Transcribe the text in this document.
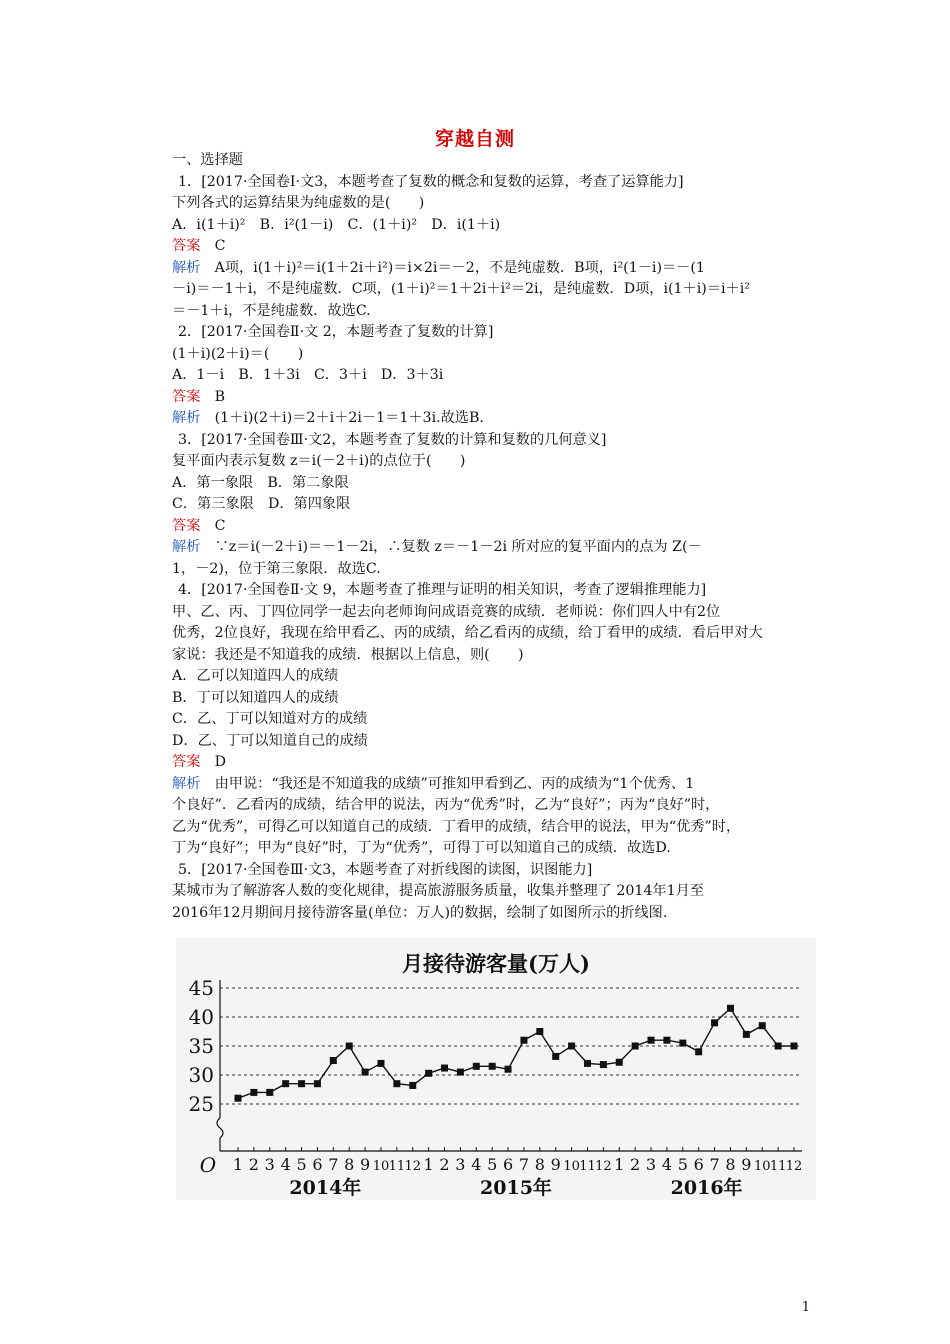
穿越自测
一、选择题
1．[2017·全国卷Ⅰ·文3，本题考查了复数的概念和复数的运算，考查了运算能力]
下列各式的运算结果为纯虚数的是(　　)
A．i(1＋i)²　B．i²(1－i)　C．(1＋i)²　D．i(1＋i)
答案　 C
解析　 A项，i(1＋i)²＝i(1＋2i＋i²)＝i×2i＝－2，不是纯虚数．B项，i²(1－i)＝－(1
－i)＝－1＋i，不是纯虚数．C项，(1＋i)²＝1＋2i＋i²＝2i，是纯虚数．D项，i(1＋i)＝i＋i²
＝－1＋i，不是纯虚数．故选C.
2．[2017·全国卷Ⅱ·文 2，本题考查了复数的计算]
(1＋i)(2＋i)＝(　　)
A．1－i　B．1＋3i　C．3＋i　D．3＋3i
答案　 B
解析　 (1＋i)(2＋i)＝2＋i＋2i－1＝1＋3i.故选B.
3．[2017·全国卷Ⅲ·文2，本题考查了复数的计算和复数的几何意义]
复平面内表示复数 z＝i(－2＋i)的点位于(　　)
A．第一象限　B．第二象限
C．第三象限　D．第四象限
答案　 C
解析　 ∵z＝i(－2＋i)＝－1－2i，∴复数 z＝－1－2i 所对应的复平面内的点为 Z(－
1，－2)，位于第三象限．故选C.
4．[2017·全国卷Ⅱ·文 9，本题考查了推理与证明的相关知识，考查了逻辑推理能力]
甲、乙、丙、丁四位同学一起去向老师询问成语竞赛的成绩．老师说：你们四人中有2位
优秀，2位良好，我现在给甲看乙、丙的成绩，给乙看丙的成绩，给丁看甲的成绩．看后甲对大
家说：我还是不知道我的成绩．根据以上信息，则(　　)
A．乙可以知道四人的成绩
B．丁可以知道四人的成绩
C．乙、丁可以知道对方的成绩
D．乙、丁可以知道自己的成绩
答案　 D
解析　 由甲说：“我还是不知道我的成绩”可推知甲看到乙、丙的成绩为“1个优秀、1
个良好”．乙看丙的成绩，结合甲的说法，丙为“优秀”时，乙为“良好”；丙为“良好”时，
乙为“优秀”，可得乙可以知道自己的成绩．丁看甲的成绩，结合甲的说法，甲为“优秀”时，
丁为“良好”；甲为“良好”时，丁为“优秀”，可得丁可以知道自己的成绩．故选D.
5．[2017·全国卷Ⅲ·文3，本题考查了对折线图的读图，识图能力]
某城市为了解游客人数的变化规律，提高旅游服务质量，收集并整理了 2014年1月至
2016年12月期间月接待游客量(单位：万人)的数据，绘制了如图所示的折线图.
月接待游客量(万人)
25
30
35
40
45
O 1 2 3 4 5 6 7 8 9 10 11 12 1 2 3 4 5 6 7 8 9 10 11 12 1 2 3 4 5 6 7 8 9 10 11 12
2014年	2015年	2016年
1
